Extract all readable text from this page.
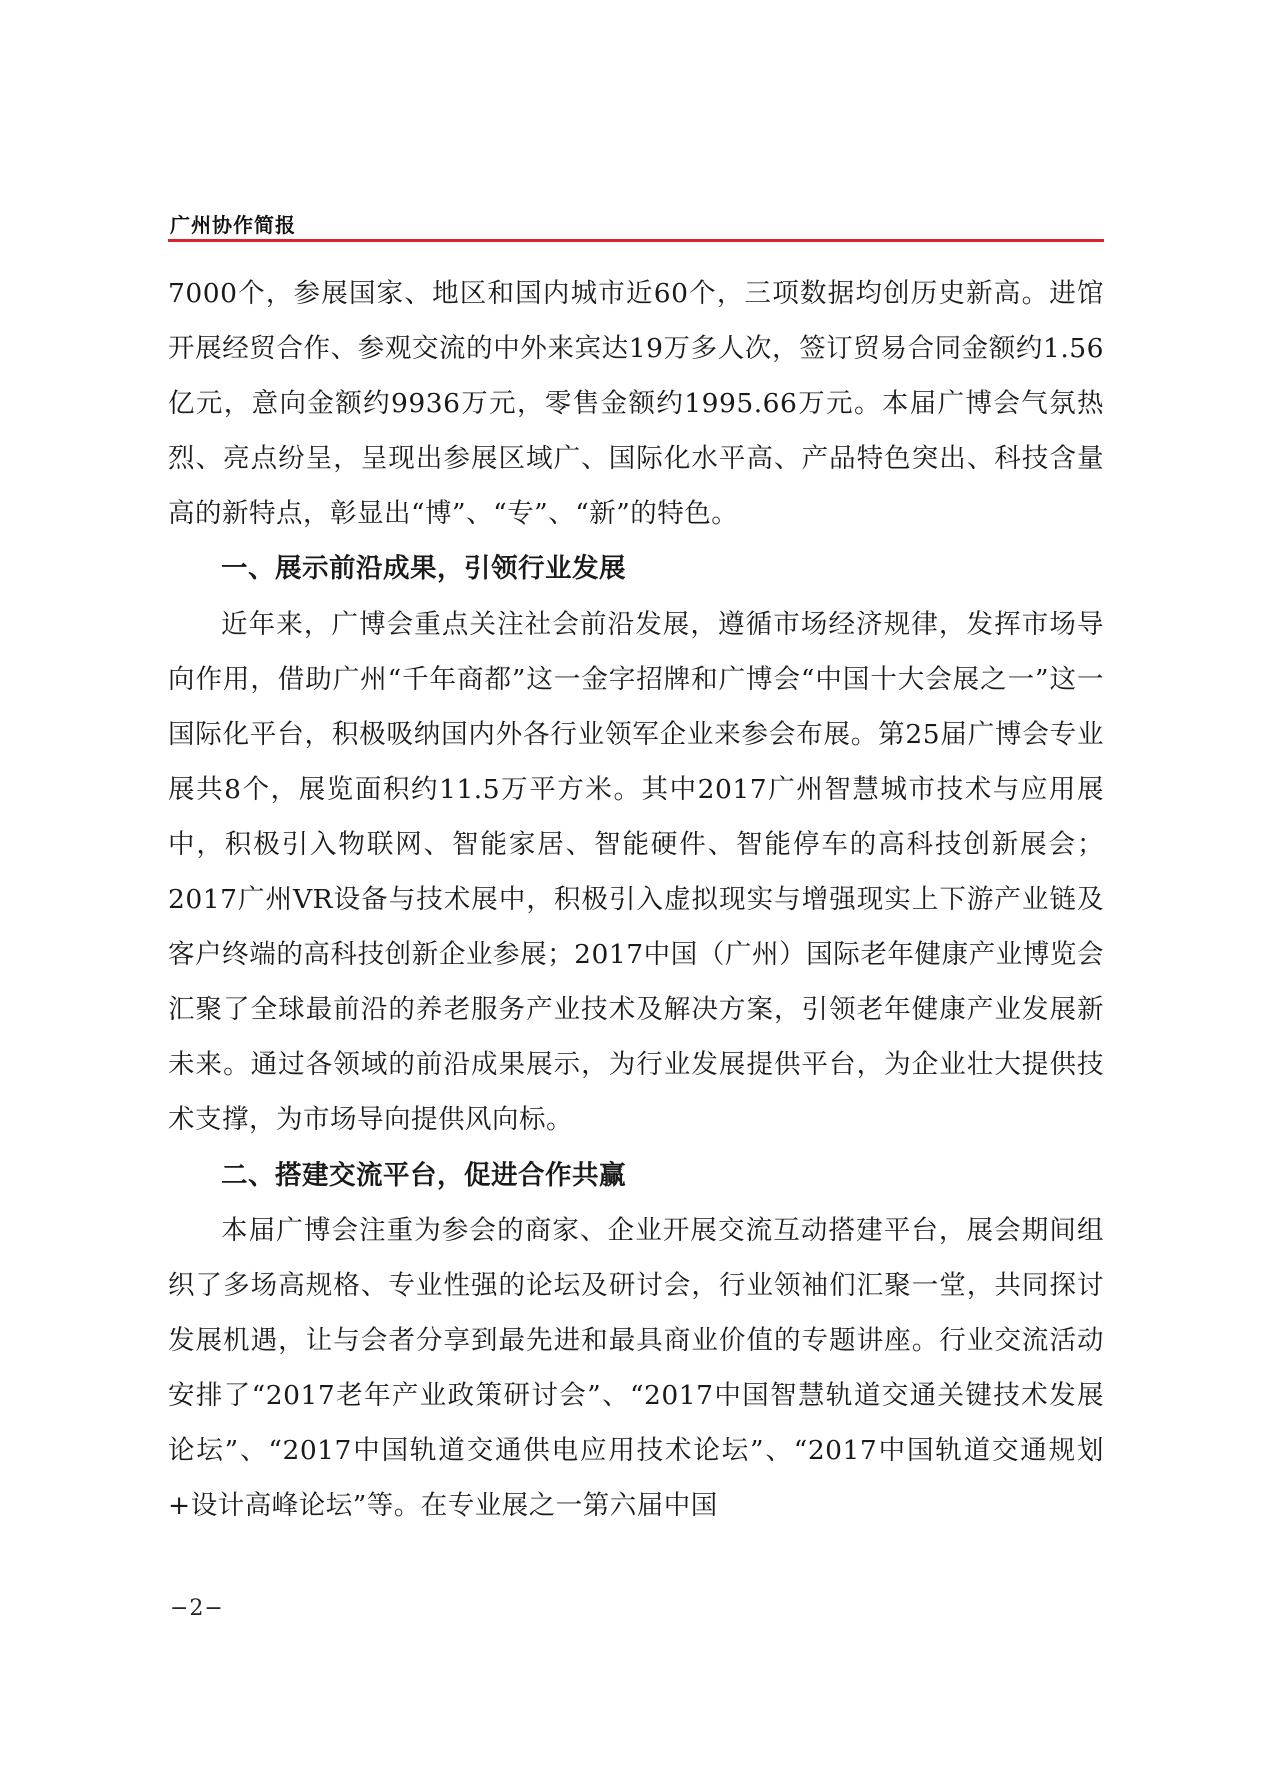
广州协作简报

7000个，参展国家、地区和国内城市近60个，三项数据均创历史新高。进馆开展经贸合作、参观交流的中外来宾达19万多人次，签订贸易合同金额约1.56亿元，意向金额约9936万元，零售金额约1995.66万元。本届广博会气氛热烈、亮点纷呈，呈现出参展区域广、国际化水平高、产品特色突出、科技含量高的新特点，彰显出“博”、“专”、“新”的特色。

一、展示前沿成果，引领行业发展

近年来，广博会重点关注社会前沿发展，遵循市场经济规律，发挥市场导向作用，借助广州“千年商都”这一金字招牌和广博会“中国十大会展之一”这一国际化平台，积极吸纳国内外各行业领军企业来参会布展。第25届广博会专业展共8个，展览面积约11.5万平方米。其中2017广州智慧城市技术与应用展中，积极引入物联网、智能家居、智能硬件、智能停车的高科技创新展会；2017广州VR设备与技术展中，积极引入虚拟现实与增强现实上下游产业链及客户终端的高科技创新企业参展；2017中国（广州）国际老年健康产业博览会汇聚了全球最前沿的养老服务产业技术及解决方案，引领老年健康产业发展新未来。通过各领域的前沿成果展示，为行业发展提供平台，为企业壮大提供技术支撑，为市场导向提供风向标。

二、搭建交流平台，促进合作共赢

本届广博会注重为参会的商家、企业开展交流互动搭建平台，展会期间组织了多场高规格、专业性强的论坛及研讨会，行业领袖们汇聚一堂，共同探讨发展机遇，让与会者分享到最先进和最具商业价值的专题讲座。行业交流活动安排了“2017老年产业政策研讨会”、“2017中国智慧轨道交通关键技术发展论坛”、“2017中国轨道交通供电应用技术论坛”、“2017中国轨道交通规划+设计高峰论坛”等。在专业展之一第六届中国

−2−
